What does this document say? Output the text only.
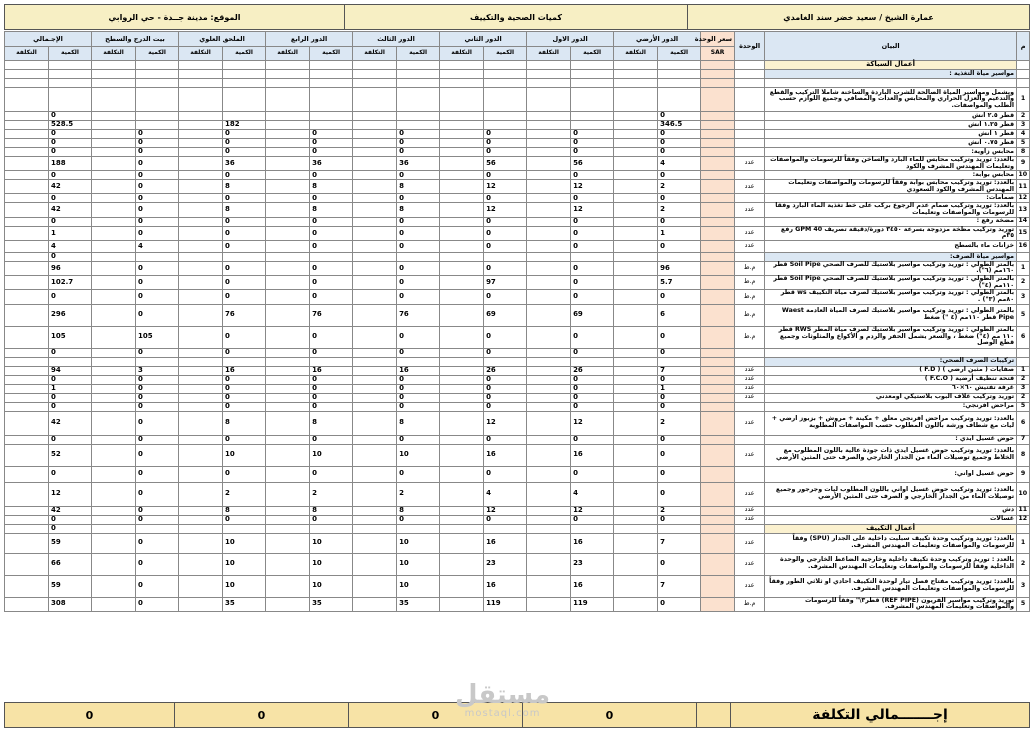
عمارة الشيخ / سعيد خضر سند الغامدي	كميات الصحية والتكييف	الموقع: مدينة جــدة - حي الروابي
م	البيان	الوحدة	سعر الوحدة	الدور الأرضي		الدور الاول		الدور الثاني		الدور الثالث		الدور الرابع		الملحق العلوي		بيت الدرج والسطح		الإجـمالي	
			SAR	الكمية	التكلفة	الكمية	التكلفة	الكمية	التكلفة	الكمية	التكلفة	الكمية	التكلفة	الكمية	التكلفة	الكمية	التكلفة	الكمية	التكلفة
	أعمال السباكة																		
	مواسير مياة التغذية :																		

1	ويشمل ومواسير المياة الصالحة للشرب الباردة والساخنة شاملا التركيب والقطع والتدعيم والعزل الحراري والمحابس والعدات والمصافي وجميع اللوازم حسب الطلب والمواصفات.																		
2	قطر ٢.٥ انش			0														0	
3	قطر ١.٢٥ انش			346.5										182				528.5	
4	قطر ١ انش			0		0		0		0		0		0		0		0	
5	قطر ٠.٧٥ انش			0		0		0		0		0		0		0		0	
8	محابس زاوية:			0		0		0		0		0		0		0		0	
9	بالعدد: توريد وتركيب محابس للماء البارد والساخن وفقاً للرسومات والمواصفات وتعليمات المهندس المشرف والكود	عدد		4		56		56		36		36		36		0		188	
10	محابس بوابة:			0		0		0		0		0		0		0		0	
11	بالعدد: توريد وتركيب محابس بوابة وفقاً للرسومات والمواصفات وتعليمات المهندس المشرف والكود السعودي	عدد		2		12		12		8		8		8		0		42	
12	صمامات:			0		0		0		0		0		0		0		0	
13	بالعدد: توريد وتركيب صمام عدم الرجوع بركب على خط تغذية الماء البارد وفقا للرسومات والمواصفات وتعليمات	عدد		2		12		12		8		8		8		0		42	
14	مضخة رفع :			0		0		0		0		0		0		0		0	
15	توريد وتركيب مظخة مزدوجة بسرعة ٣٤٥٠ دورة/دقيقة تصريف GPM 40 رفع ٣٥م	عدد		1		0		0		0		0		0		0		1	
16	خزانات ماء بالسطح	عدد		0		0		0		0		0		0		4		4	
	مواسير مياة الصرف:																	0	
1	بالمتر الطولي : توريد وتركيب مواسير بلاستيك للصرف الصحي Soil Pipe قطر ١٦٠مم (٦").	م.ط		96		0		0		0		0		0		0		96	
2	بالمتر الطولي : توريد وتركيب مواسير بلاستيك للصرف الصحي Soil Pipe قطر ١١٠مم (٤")	م.ط		5.7		0		97		0		0		0		0		102.7	
3	بالمتر الطولي : توريد وتركيب مواسير بلاستيك لصرف مياة التكييف ws قطر ٨٠مم (٣") .	م.ط		0		0		0		0		0		0		0		0	
5	بالمتر الطولي : توريد وتركيب مواسير بلاستيك لصرف المياة العادمة Waest Pipe قطر ١١٠مم (٤ ") ضغط	م.ط		6		69		69		76		76		76		0		296	
6	بالمتر الطولي : توريد وتركيب مواسير بلاستيك لصرف مياة المطر RWS قطر ١١٠ مم (٤") ضغط ، والسعر يشمل الحفر والردم و الأكواع والمثلوثات وجميع قطع الوصل	م.ط		0		0		0		0		0		0		105		105	
				0		0		0		0		0		0		0		0	
	تركيبات الصرف الصحي:																		
1	صفايات ( مثبن ارضي ) ( F.D )	عدد		7		26		26		16		16		16		3		94	
2	فتحة تنظيف أرضية ( F.C.O )	عدد		0		0		0		0		0		0		0		0	
3	غرفة تفتيش ٦٠×٦٠	عدد		1		0		0		0		0		0		0		1	
2	توريد وتركيب غلاف البوب بلاستيكي اومعدني	عدد		0		0		0		0		0		0		0		0	
5	مراحض افرنجي:			0		0		0		0		0		0		0		0	
6	بالعدد: توريد وتركيب مراحض افرنجي معلق + مكينة + مروش + بزبوز ارضي + ليات مع شطاف ورشة باللون المطلوب حسب المواصفات المطلوبة	عدد		2		12		12		8		8		8		0		42	
7	حوض غسيل ايدي :			0		0		0		0		0		0		0		0	
8	بالعدد: توريد وتركيب حوض غسيل ايدي ذات جودة عالية باللون المطلوب مع الخلاط وجميع توصيلات الماء من الجدار الخارجي والصرف حتى المثبن الأرضي	عدد		0		16		16		10		10		10		0		52	
9	حوض غسيل اواني:			0		0		0		0		0		0		0		0	
10	بالعدد: توريد وتركيب حوض غسيل اواني باللون المطلوب ليات وجرجور وجميع توصيلات الماء من الجدار الخارجي و الصرف حتى المثبن الأرضي	عدد		0		4		4		2		2		2		0		12	
11	دش	عدد		2		12		12		8		8		8		0		42	
12	غسالات	عدد		0		0		0		0		0		0		0		0	
	أعمال التكييف																	0	
1	بالعدد: توريد وتركيب وحدة تكييف سبليت داخلية على الجدار (SPU) وفقاً للرسومات والمواصفات وتعليمات المهندس المشرف.	عدد		7		16		16		10		10		10		0		59	
2	بالعدد : توريد وتركيب وحدة تكييف داخلية وخارجية الضاغط الخارجي والوحدة الداخلية وفقاً للرسومات والمواصفات وتعليمات المهندس المشرف.	عدد		0		23		23		10		10		10		0		66	
3	بالعدد: توريد وتركيب مفتاح فصل تيار لوحدة التكييف احادي او ثلاثي الطور وفقاً للرسومات والمواصفات وتعليمات المهندس المشرف.	عدد		7		16		16		10		10		10		0		59	
5	توريد وتركيب مواسير الفريون (REF PIPE) قطر٣\" وفقاً للرسومات والمواصفات وتعليمات المهندس المشرف.	م.ط		0		119		119		35		35		35		0		308	
إجـــــــمالي التكلفة		0	0	0	0
مستقل
mostaql.com
